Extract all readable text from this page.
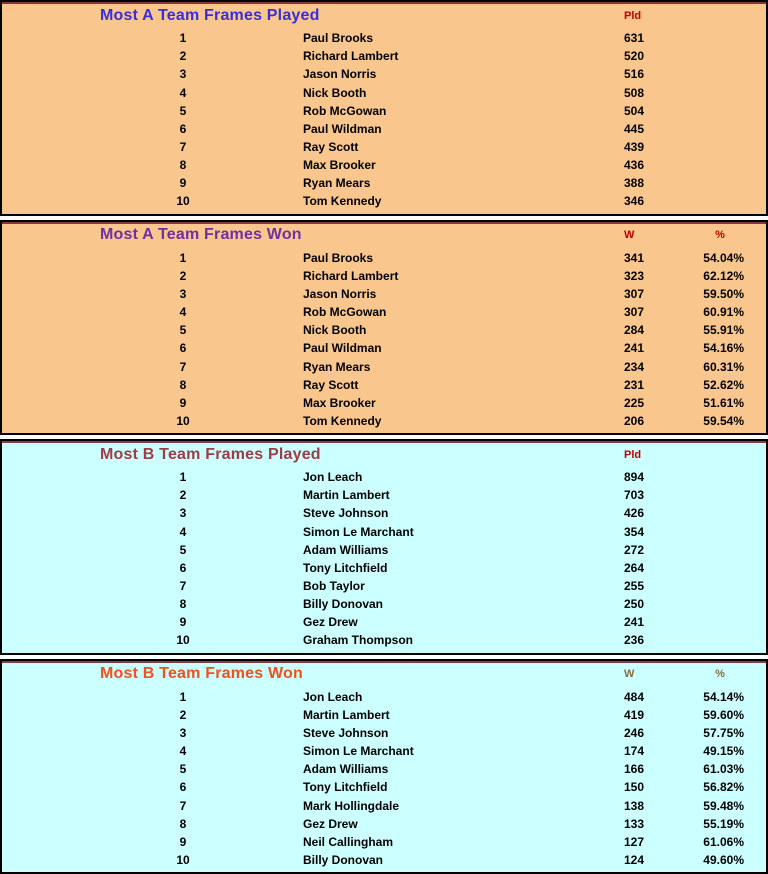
Most A Team Frames Played	Pld
1	Paul Brooks	631
2	Richard Lambert	520
3	Jason Norris	516
4	Nick Booth	508
5	Rob McGowan	504
6	Paul Wildman	445
7	Ray Scott	439
8	Max Brooker	436
9	Ryan Mears	388
10	Tom Kennedy	346
Most A Team Frames Won	W	%
1	Paul Brooks	341	54.04%
2	Richard Lambert	323	62.12%
3	Jason Norris	307	59.50%
4	Rob McGowan	307	60.91%
5	Nick Booth	284	55.91%
6	Paul Wildman	241	54.16%
7	Ryan Mears	234	60.31%
8	Ray Scott	231	52.62%
9	Max Brooker	225	51.61%
10	Tom Kennedy	206	59.54%
Most B Team Frames Played	Pld
1	Jon Leach	894
2	Martin Lambert	703
3	Steve Johnson	426
4	Simon Le Marchant	354
5	Adam Williams	272
6	Tony Litchfield	264
7	Bob Taylor	255
8	Billy Donovan	250
9	Gez Drew	241
10	Graham Thompson	236
Most B Team Frames Won	W	%
1	Jon Leach	484	54.14%
2	Martin Lambert	419	59.60%
3	Steve Johnson	246	57.75%
4	Simon Le Marchant	174	49.15%
5	Adam Williams	166	61.03%
6	Tony Litchfield	150	56.82%
7	Mark Hollingdale	138	59.48%
8	Gez Drew	133	55.19%
9	Neil Callingham	127	61.06%
10	Billy Donovan	124	49.60%
